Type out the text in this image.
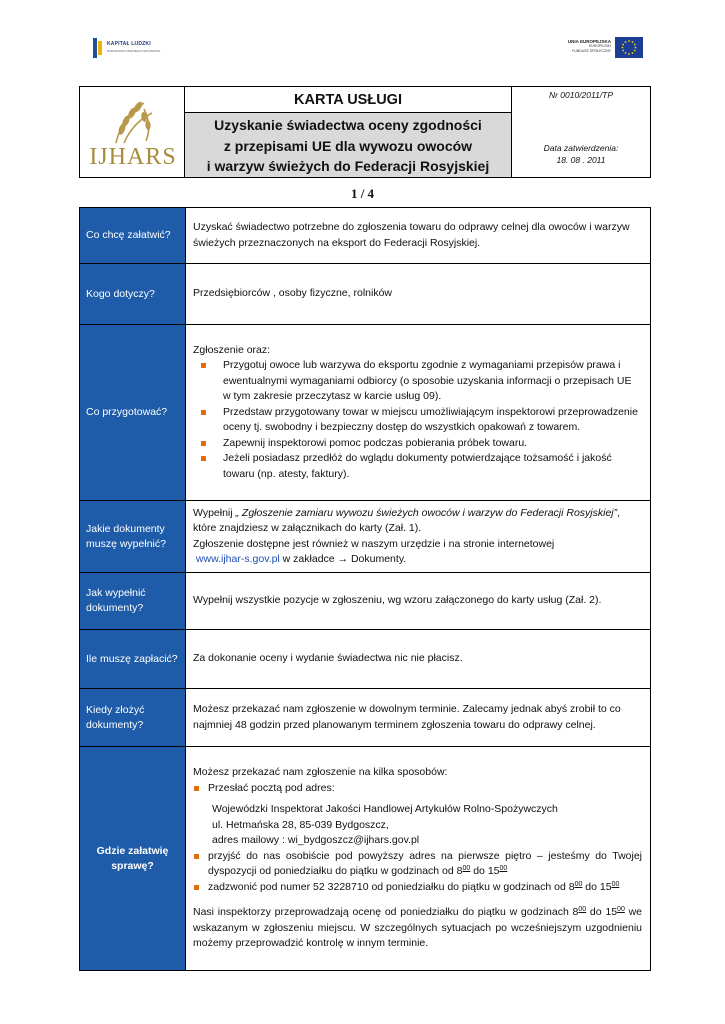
KAPITAŁ LUDZKI
NARODOWA STRATEGIA SPÓJNOŚCI
UNIA EUROPEJSKA
EUROPEJSKI
FUNDUSZ SPOŁECZNY
IJHARS
KARTA USŁUGI
Uzyskanie świadectwa oceny zgodności
z przepisami UE dla wywozu owoców
i warzyw świeżych do Federacji Rosyjskiej
Nr 0010/2011/TP
Data zatwierdzenia:
18. 08 . 2011
1 / 4
Co chcę załatwić?

Uzyskać świadectwo potrzebne do zgłoszenia towaru do odprawy celnej dla owoców i warzyw świeżych przeznaczonych na eksport do Federacji Rosyjskiej.

Kogo dotyczy?	Przedsiębiorców , osoby fizyczne, rolników

Co przygotować?

Zgłoszenie oraz:

Przygotuj owoce lub warzywa do eksportu zgodnie z wymaganiami przepisów prawa i ewentualnymi wymaganiami odbiorcy (o sposobie uzyskania informacji o przepisach UE w tym zakresie przeczytasz w karcie usług 09).
Przedstaw przygotowany towar w miejscu umożliwiającym inspektorowi przeprowadzenie oceny tj. swobodny i bezpieczny dostęp do wszystkich opakowań z towarem.
Zapewnij inspektorowi pomoc podczas pobierania próbek towaru.
Jeżeli posiadasz przedłóż do wglądu dokumenty potwierdzające tożsamość i jakość towaru (np. atesty, faktury).
Jakie dokumenty muszę wypełnić?

Wypełnij „ Zgłoszenie zamiaru wywozu świeżych owoców i warzyw do Federacji Rosyjskiej”,

które znajdziesz w załącznikach do karty (Zał. 1).

Zgłoszenie dostępne jest również w naszym urzędzie i na stronie internetowej

www.ijhar-s.gov.pl w zakładce → Dokumenty.

Jak wypełnić dokumenty?

Wypełnij wszystkie pozycje w zgłoszeniu, wg wzoru załączonego do karty usług (Zał. 2).

Ile muszę zapłacić?	Za dokonanie oceny i wydanie świadectwa nic nie płacisz.

Kiedy złożyć dokumenty?

Możesz przekazać nam zgłoszenie w dowolnym terminie. Zalecamy jednak abyś zrobił to co najmniej 48 godzin przed planowanym terminem zgłoszenia towaru do odprawy celnej.

Gdzie załatwię sprawę?

Możesz przekazać nam zgłoszenie na kilka sposobów:

Przesłać pocztą pod adres:

Wojewódzki Inspektorat Jakości Handlowej Artykułów Rolno-Spożywczych

ul. Hetmańska 28, 85-039 Bydgoszcz,

adres mailowy : wi_bydgoszcz@ijhars.gov.pl

przyjść do nas osobiście pod powyższy adres na pierwsze piętro – jesteśmy do Twojej dyspozycji od poniedziałku do piątku w godzinach od $8^{00}$ do $15^{00}$
zadzwonić pod numer 52 3228710 od poniedziałku do piątku w godzinach od $8^{00}$ do $15^{00}$

Nasi inspektorzy przeprowadzają ocenę od poniedziałku do piątku w godzinach $8^{00}$ do $15^{00}$ we wskazanym w zgłoszeniu miejscu. W szczególnych sytuacjach po wcześniejszym uzgodnieniu możemy przeprowadzić kontrolę w innym terminie.
